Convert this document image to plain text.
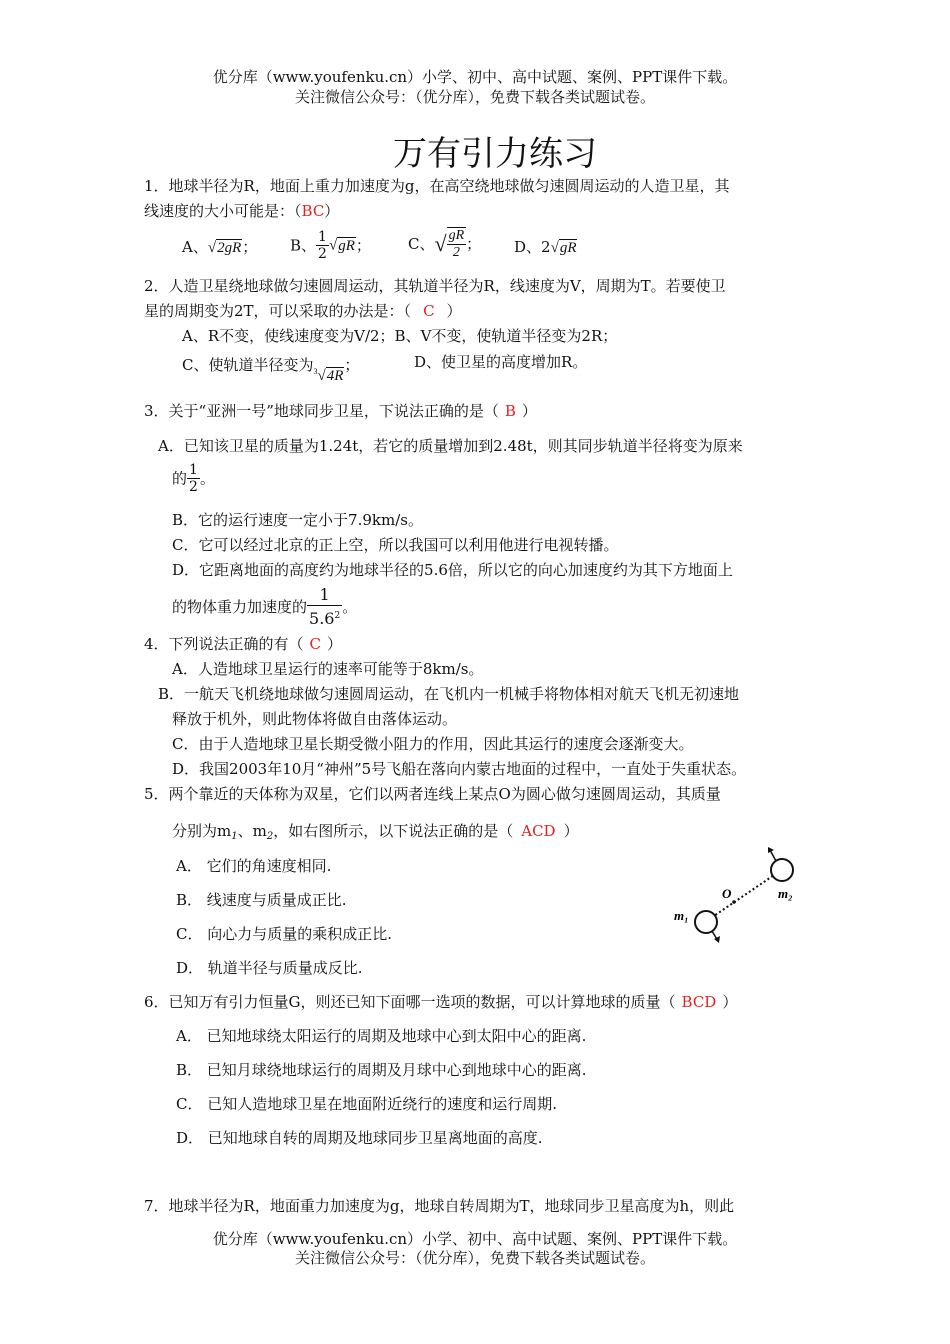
优分库（www.youfenku.cn）小学、初中、高中试题、案例、PPT课件下载。
关注微信公众号：（优分库），免费下载各类试题试卷。
万有引力练习
1．地球半径为R，地面上重力加速度为g，在高空绕地球做匀速圆周运动的人造卫星，其
线速度的大小可能是：（BC）
A、√2gR； B、 $\frac{1}{2} √gR$； C、√ $\frac{gR}{2}$ ； D、2√gR
2．人造卫星绕地球做匀速圆周运动，其轨道半径为R，线速度为V，周期为T。若要使卫
星的周期变为2T，可以采取的办法是：（ C ）
A、R不变，使线速度变为V/2；B、V不变，使轨道半径变为2R；
C、使轨道半径变为$^3$√4R；	D、使卫星的高度增加R。
3．关于“亚洲一号”地球同步卫星，下说法正确的是（ B ）
A．已知该卫星的质量为1.24t，若它的质量增加到2.48t，则其同步轨道半径将变为原来
的 $\frac{1}{2}$ 。
B．它的运行速度一定小于7.9km/s。
C．它可以经过北京的正上空，所以我国可以利用他进行电视转播。
D．它距离地面的高度约为地球半径的5.6倍，所以它的向心加速度约为其下方地面上
的物体重力加速度的 $\frac{1}{5.6^2}$ 。
4．下列说法正确的有（ C ）
A．人造地球卫星运行的速率可能等于8km/s。
B．一航天飞机绕地球做匀速圆周运动，在飞机内一机械手将物体相对航天飞机无初速地
释放于机外，则此物体将做自由落体运动。
C．由于人造地球卫星长期受微小阻力的作用，因此其运行的速度会逐渐变大。
D．我国2003年10月“神州”5号飞船在落向内蒙古地面的过程中，一直处于失重状态。
5．两个靠近的天体称为双星，它们以两者连线上某点O为圆心做匀速圆周运动，其质量
分别为$m_1$、$m_2$，如右图所示，以下说法正确的是（ ACD ）
A． 它们的角速度相同.
B． 线速度与质量成正比.
C． 向心力与质量的乘积成正比.
D． 轨道半径与质量成反比.
O
m₁
m₂
6．已知万有引力恒量G，则还已知下面哪一选项的数据，可以计算地球的质量（ BCD ）
A． 已知地球绕太阳运行的周期及地球中心到太阳中心的距离.
B． 已知月球绕地球运行的周期及月球中心到地球中心的距离.
C． 已知人造地球卫星在地面附近绕行的速度和运行周期.
D． 已知地球自转的周期及地球同步卫星离地面的高度.
7．地球半径为R，地面重力加速度为g，地球自转周期为T，地球同步卫星高度为h，则此
优分库（www.youfenku.cn）小学、初中、高中试题、案例、PPT课件下载。
关注微信公众号：（优分库），免费下载各类试题试卷。
